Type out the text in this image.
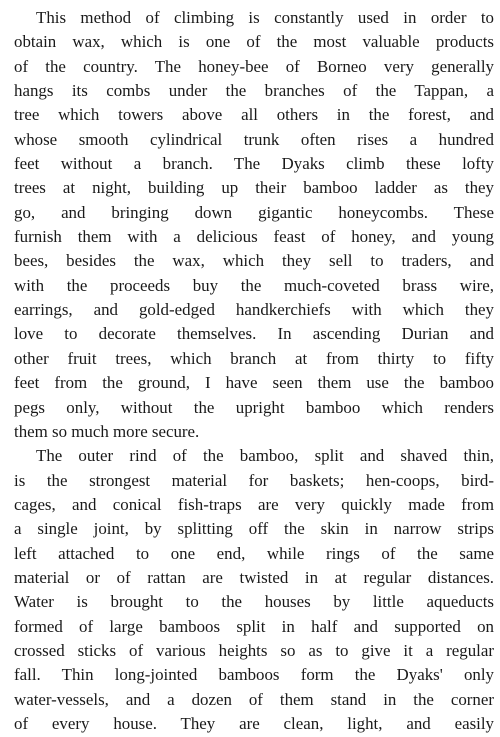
This method of climbing is constantly used in order to
obtain wax, which is one of the most valuable products
of the country. The honey-bee of Borneo very generally
hangs its combs under the branches of the Tappan, a
tree which towers above all others in the forest, and
whose smooth cylindrical trunk often rises a hundred
feet without a branch. The Dyaks climb these lofty
trees at night, building up their bamboo ladder as they
go, and bringing down gigantic honeycombs. These
furnish them with a delicious feast of honey, and young
bees, besides the wax, which they sell to traders, and
with the proceeds buy the much-coveted brass wire,
earrings, and gold-edged handkerchiefs with which they
love to decorate themselves. In ascending Durian and
other fruit trees, which branch at from thirty to fifty
feet from the ground, I have seen them use the bamboo
pegs only, without the upright bamboo which renders
them so much more secure.
The outer rind of the bamboo, split and shaved thin,
is the strongest material for baskets; hen-coops, bird-
cages, and conical fish-traps are very quickly made from
a single joint, by splitting off the skin in narrow strips
left attached to one end, while rings of the same
material or of rattan are twisted in at regular distances.
Water is brought to the houses by little aqueducts
formed of large bamboos split in half and supported on
crossed sticks of various heights so as to give it a regular
fall. Thin long-jointed bamboos form the Dyaks' only
water-vessels, and a dozen of them stand in the corner
of every house. They are clean, light, and easily
